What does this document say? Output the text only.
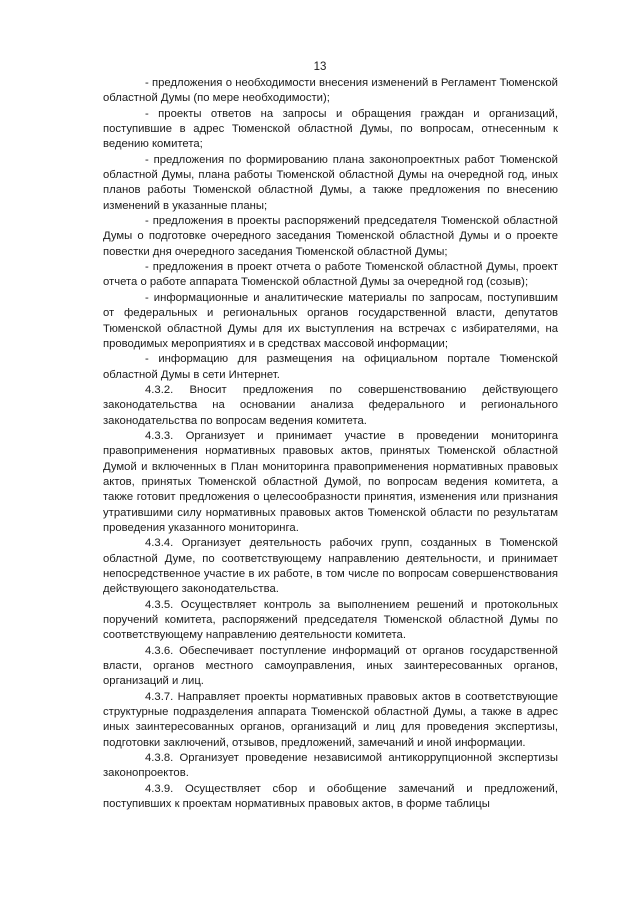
13

- предложения о необходимости внесения изменений в Регламент Тюменской областной Думы (по мере необходимости);

- проекты ответов на запросы и обращения граждан и организаций, поступившие в адрес Тюменской областной Думы, по вопросам, отнесенным к ведению комитета;

- предложения по формированию плана законопроектных работ Тюменской областной Думы, плана работы Тюменской областной Думы на очередной год, иных планов работы Тюменской областной Думы, а также предложения по внесению изменений в указанные планы;

- предложения в проекты распоряжений председателя Тюменской областной Думы о подготовке очередного заседания Тюменской областной Думы и о проекте повестки дня очередного заседания Тюменской областной Думы;

- предложения в проект отчета о работе Тюменской областной Думы, проект отчета о работе аппарата Тюменской областной Думы за очередной год (созыв);

- информационные и аналитические материалы по запросам, поступившим от федеральных и региональных органов государственной власти, депутатов Тюменской областной Думы для их выступления на встречах с избирателями, на проводимых мероприятиях и в средствах массовой информации;

- информацию для размещения на официальном портале Тюменской областной Думы в сети Интернет.

4.3.2. Вносит предложения по совершенствованию действующего законодательства на основании анализа федерального и регионального законодательства по вопросам ведения комитета.

4.3.3. Организует и принимает участие в проведении мониторинга правоприменения нормативных правовых актов, принятых Тюменской областной Думой и включенных в План мониторинга правоприменения нормативных правовых актов, принятых Тюменской областной Думой, по вопросам ведения комитета, а также готовит предложения о целесообразности принятия, изменения или признания утратившими силу нормативных правовых актов Тюменской области по результатам проведения указанного мониторинга.

4.3.4. Организует деятельность рабочих групп, созданных в Тюменской областной Думе, по соответствующему направлению деятельности, и принимает непосредственное участие в их работе, в том числе по вопросам совершенствования действующего законодательства.

4.3.5. Осуществляет контроль за выполнением решений и протокольных поручений комитета, распоряжений председателя Тюменской областной Думы по соответствующему направлению деятельности комитета.

4.3.6. Обеспечивает поступление информаций от органов государственной власти, органов местного самоуправления, иных заинтересованных органов, организаций и лиц.

4.3.7. Направляет проекты нормативных правовых актов в соответствующие структурные подразделения аппарата Тюменской областной Думы, а также в адрес иных заинтересованных органов, организаций и лиц для проведения экспертизы, подготовки заключений, отзывов, предложений, замечаний и иной информации.

4.3.8. Организует проведение независимой антикоррупционной экспертизы законопроектов.

4.3.9. Осуществляет сбор и обобщение замечаний и предложений, поступивших к проектам нормативных правовых актов, в форме таблицы
